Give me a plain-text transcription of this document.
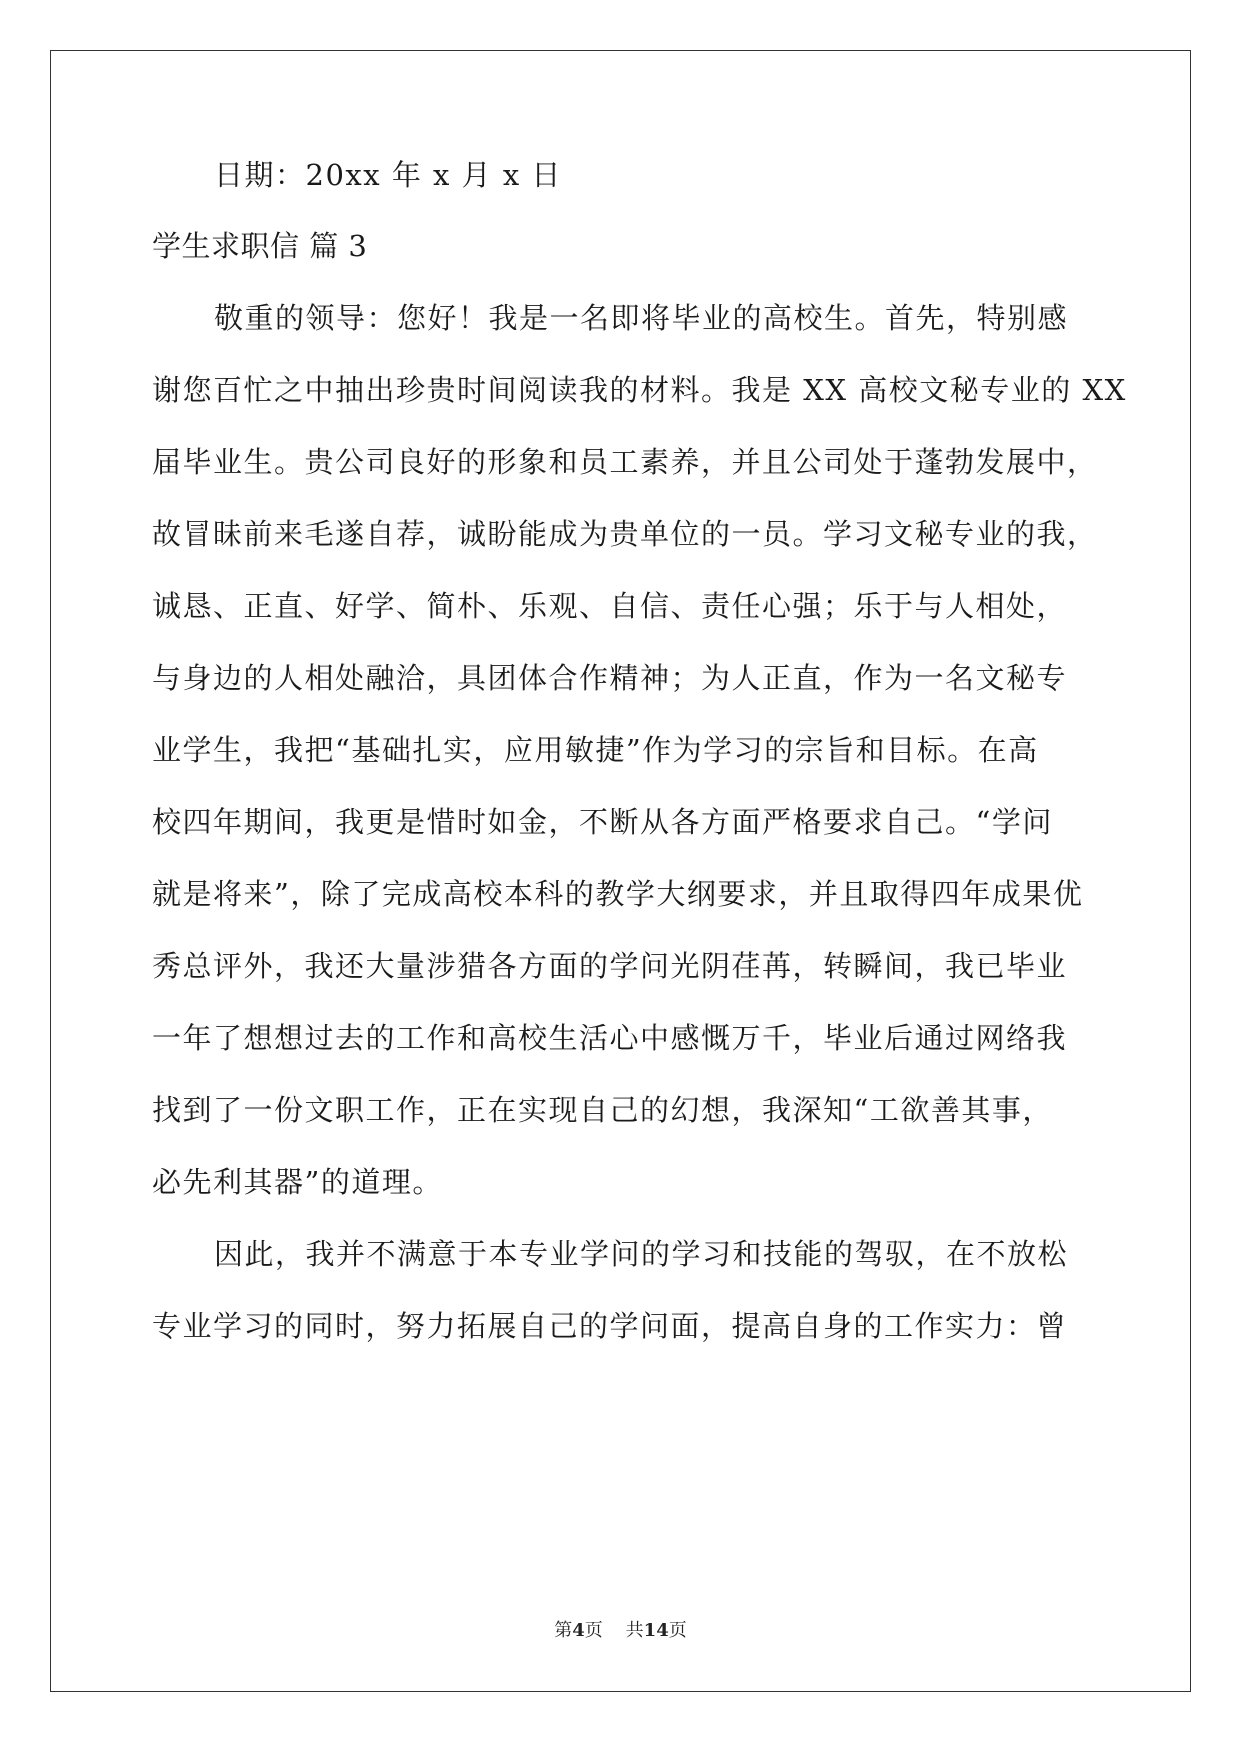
日期：20xx 年 x 月 x 日
学生求职信 篇 3
敬重的领导：您好！我是一名即将毕业的高校生。首先，特别感
谢您百忙之中抽出珍贵时间阅读我的材料。我是 XX 高校文秘专业的 XX
届毕业生。贵公司良好的形象和员工素养，并且公司处于蓬勃发展中，
故冒昧前来毛遂自荐，诚盼能成为贵单位的一员。学习文秘专业的我，
诚恳、正直、好学、简朴、乐观、自信、责任心强；乐于与人相处，
与身边的人相处融洽，具团体合作精神；为人正直，作为一名文秘专
业学生，我把“基础扎实，应用敏捷”作为学习的宗旨和目标。在高
校四年期间，我更是惜时如金，不断从各方面严格要求自己。“学问
就是将来”，除了完成高校本科的教学大纲要求，并且取得四年成果优
秀总评外，我还大量涉猎各方面的学问光阴荏苒，转瞬间，我已毕业
一年了想想过去的工作和高校生活心中感慨万千，毕业后通过网络我
找到了一份文职工作，正在实现自己的幻想，我深知“工欲善其事，
必先利其器”的道理。
因此，我并不满意于本专业学问的学习和技能的驾驭，在不放松
专业学习的同时，努力拓展自己的学问面，提高自身的工作实力：曾
第4页 共14页
